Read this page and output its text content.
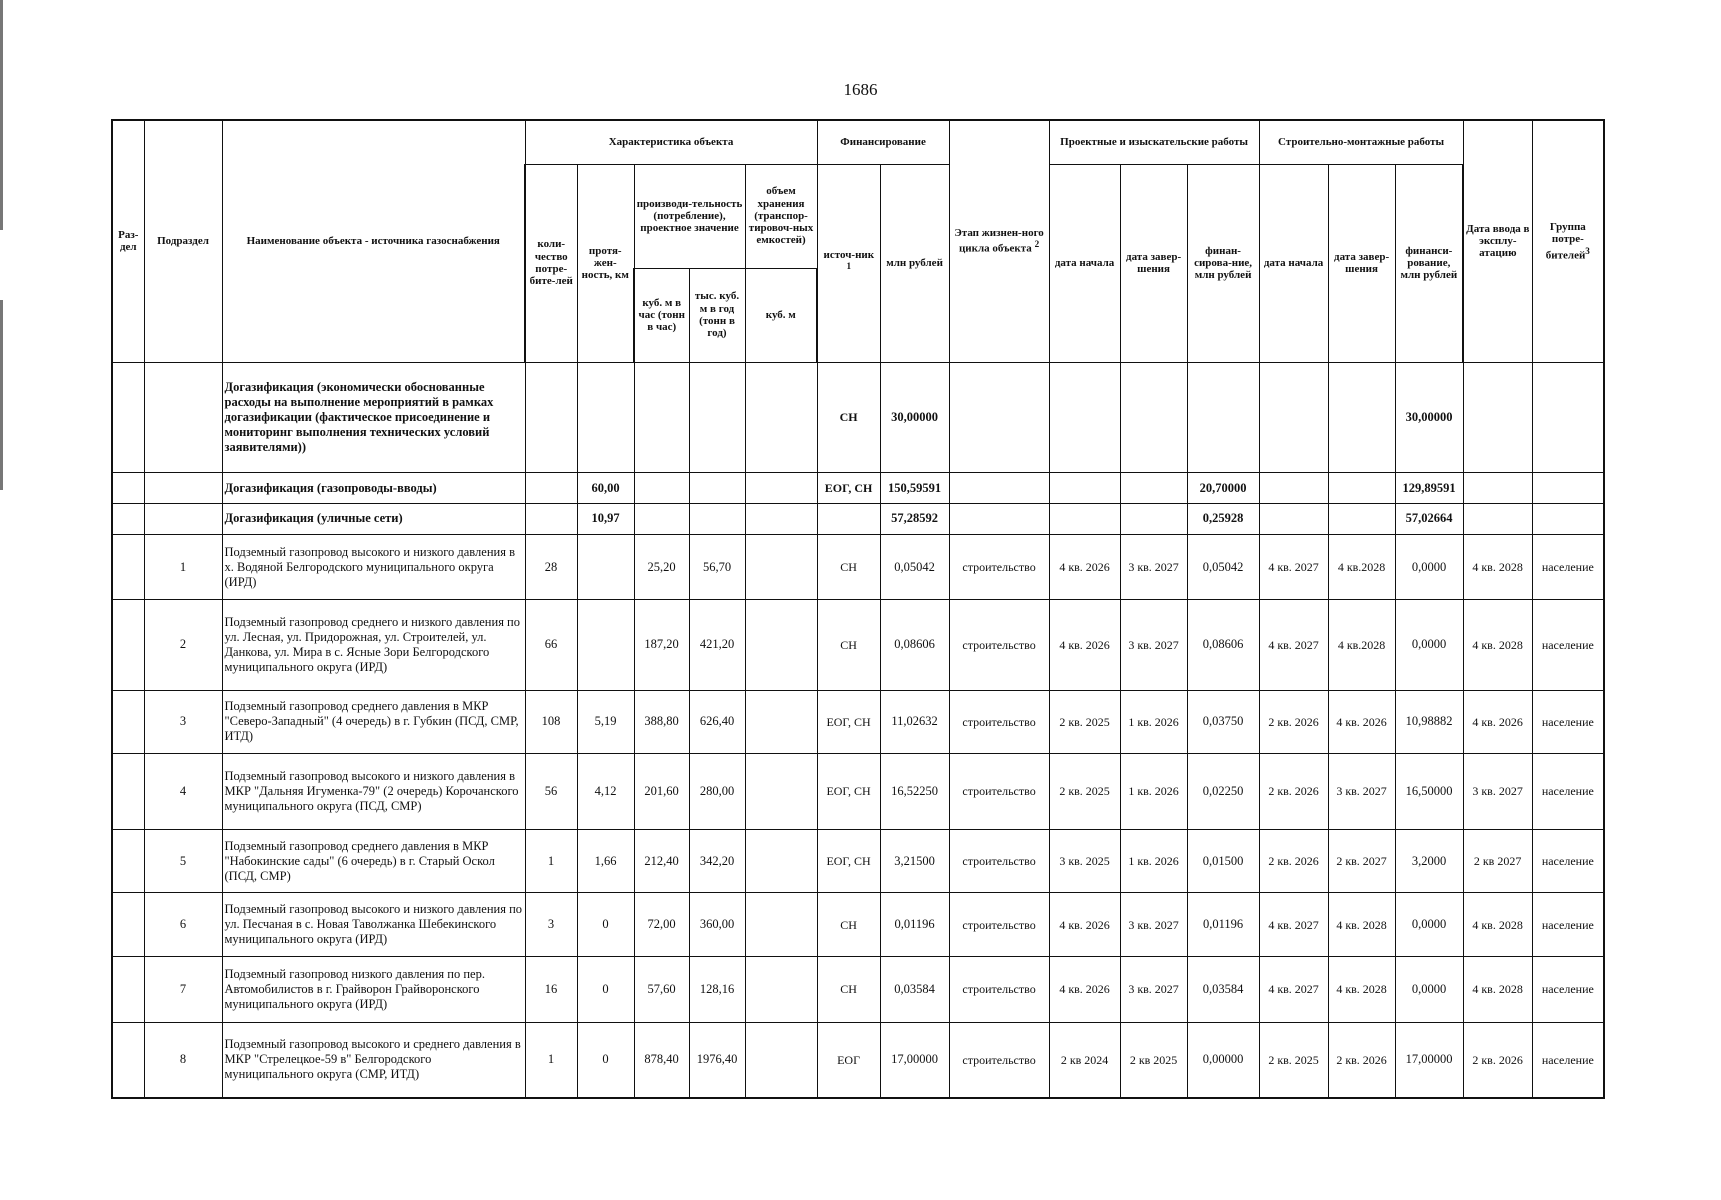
1686
Раз-дел	Подраздел	Наименование объекта - источника газоснабжения	Характеристика объекта					Финансирование		Этап жизнен-ного цикла объекта $^2$	Проектные и изыскательские работы			Строительно-монтажные работы			Дата ввода в эксплу-атацию	Группа потре-бителей$^3$
			коли-чество потре-бите-лей	протя-жен-ность, км	производи-тельность (потребление), проектное значение		объем хранения (транспор-тировоч-ных емкостей)	источ-ник $^1$	млн рублей		дата начала	дата завер-шения	финан-сирова-ние, млн рублей	дата начала	дата завер-шения	финанси-рование, млн рублей		
					куб. м в час (тонн в час)	тыс. куб. м в год (тонн в год)	куб. м											
		Догазификация (экономически обоснованные расходы на выполнение мероприятий в рамках догазификации (фактическое присоединение и мониторинг выполнения технических условий заявителями))						СН	30,00000							30,00000		
		Догазификация (газопроводы-вводы)		60,00				ЕОГ, СН	150,59591				20,70000			129,89591		
		Догазификация (уличные сети)		10,97					57,28592				0,25928			57,02664		
	1	Подземный газопровод высокого и низкого давления в х. Водяной Белгородского муниципального округа (ИРД)	28		25,20	56,70		СН	0,05042	строительство	4 кв. 2026	3 кв. 2027	0,05042	4 кв. 2027	4 кв.2028	0,0000	4 кв. 2028	население
	2	Подземный газопровод среднего и низкого давления по ул. Лесная, ул. Придорожная, ул. Строителей, ул. Данкова, ул. Мира в с. Ясные Зори Белгородского муниципального округа (ИРД)	66		187,20	421,20		СН	0,08606	строительство	4 кв. 2026	3 кв. 2027	0,08606	4 кв. 2027	4 кв.2028	0,0000	4 кв. 2028	население
	3	Подземный газопровод среднего давления в МКР "Северо-Западный" (4 очередь) в г. Губкин (ПСД, СМР, ИТД)	108	5,19	388,80	626,40		ЕОГ, СН	11,02632	строительство	2 кв. 2025	1 кв. 2026	0,03750	2 кв. 2026	4 кв. 2026	10,98882	4 кв. 2026	население
	4	Подземный газопровод высокого и низкого давления в МКР "Дальняя Игуменка-79" (2 очередь) Корочанского муниципального округа (ПСД, СМР)	56	4,12	201,60	280,00		ЕОГ, СН	16,52250	строительство	2 кв. 2025	1 кв. 2026	0,02250	2 кв. 2026	3 кв. 2027	16,50000	3 кв. 2027	население
	5	Подземный газопровод среднего давления в МКР "Набокинские сады" (6 очередь) в г. Старый Оскол (ПСД, СМР)	1	1,66	212,40	342,20		ЕОГ, СН	3,21500	строительство	3 кв. 2025	1 кв. 2026	0,01500	2 кв. 2026	2 кв. 2027	3,2000	2 кв 2027	население
	6	Подземный газопровод высокого и низкого давления по ул. Песчаная в с. Новая Таволжанка Шебекинского муниципального округа (ИРД)	3	0	72,00	360,00		СН	0,01196	строительство	4 кв. 2026	3 кв. 2027	0,01196	4 кв. 2027	4 кв. 2028	0,0000	4 кв. 2028	население
	7	Подземный газопровод низкого давления по пер. Автомобилистов в г. Грайворон Грайворонского муниципального округа (ИРД)	16	0	57,60	128,16		СН	0,03584	строительство	4 кв. 2026	3 кв. 2027	0,03584	4 кв. 2027	4 кв. 2028	0,0000	4 кв. 2028	население
	8	Подземный газопровод высокого и среднего давления в МКР "Стрелецкое-59 в" Белгородского муниципального округа (СМР, ИТД)	1	0	878,40	1976,40		ЕОГ	17,00000	строительство	2 кв 2024	2 кв 2025	0,00000	2 кв. 2025	2 кв. 2026	17,00000	2 кв. 2026	население
